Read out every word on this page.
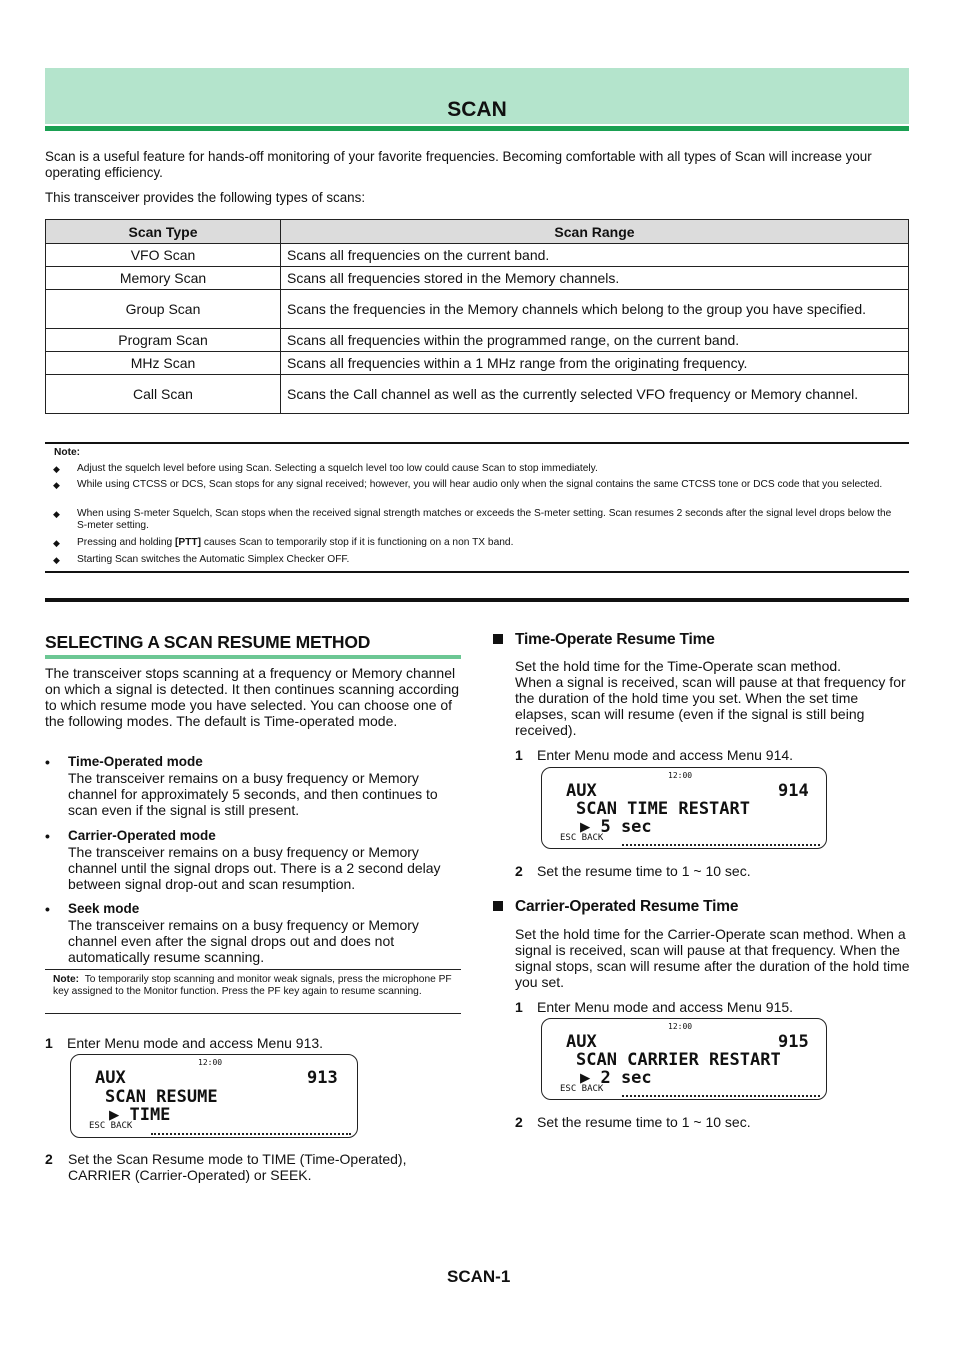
SCAN
Scan is a useful feature for hands-off monitoring of your favorite frequencies. Becoming comfortable with all types of Scan will increase your operating efficiency.
This transceiver provides the following types of scans:
Scan Type	Scan Range
VFO Scan	Scans all frequencies on the current band.
Memory Scan	Scans all frequencies stored in the Memory channels.
Group Scan	Scans the frequencies in the Memory channels which belong to the group you have specified.
Program Scan	Scans all frequencies within the programmed range, on the current band.
MHz Scan	Scans all frequencies within a 1 MHz range from the originating frequency.
Call Scan	Scans the Call channel as well as the currently selected VFO frequency or Memory channel.
Note:
◆ Adjust the squelch level before using Scan. Selecting a squelch level too low could cause Scan to stop immediately.
◆ While using CTCSS or DCS, Scan stops for any signal received; however, you will hear audio only when the signal contains the same CTCSS tone or DCS code that you selected.
◆ When using S-meter Squelch, Scan stops when the received signal strength matches or exceeds the S-meter setting. Scan resumes 2 seconds after the signal level drops below the S-meter setting.
◆ Pressing and holding [PTT] causes Scan to temporarily stop if it is functioning on a non TX band.
◆ Starting Scan switches the Automatic Simplex Checker OFF.
SELECTING A SCAN RESUME METHOD
The transceiver stops scanning at a frequency or Memory channel on which a signal is detected. It then continues scanning according to which resume mode you have selected. You can choose one of the following modes. The default is Time-operated mode.
• Time-Operated mode
The transceiver remains on a busy frequency or Memory channel for approximately 5 seconds, and then continues to scan even if the signal is still present.
• Carrier-Operated mode
The transceiver remains on a busy frequency or Memory channel until the signal drops out. There is a 2 second delay between signal drop-out and scan resumption.
• Seek mode
The transceiver remains on a busy frequency or Memory channel even after the signal drops out and does not automatically resume scanning.
Note: To temporarily stop scanning and monitor weak signals, press the microphone PF key assigned to the Monitor function. Press the PF key again to resume scanning.
1 Enter Menu mode and access Menu 913.
12:00
AUX	913
SCAN RESUME
▶ TIME
ESC BACK
2	Set the Scan Resume mode to TIME (Time-Operated), CARRIER (Carrier-Operated) or SEEK.
Time-Operate Resume Time
Set the hold time for the Time-Operate scan method.
When a signal is received, scan will pause at that frequency for the duration of the hold time you set. When the set time elapses, scan will resume (even if the signal is still being received).
1 Enter Menu mode and access Menu 914.
12:00
AUX	914
SCAN TIME RESTART
▶ 5 sec
ESC BACK
2 Set the resume time to 1 ~ 10 sec.
Carrier-Operated Resume Time
Set the hold time for the Carrier-Operate scan method. When a signal is received, scan will pause at that frequency. When the signal stops, scan will resume after the duration of the hold time you set.
1 Enter Menu mode and access Menu 915.
12:00
AUX	915
SCAN CARRIER RESTART
▶ 2 sec
ESC BACK
2 Set the resume time to 1 ~ 10 sec.
SCAN-1
